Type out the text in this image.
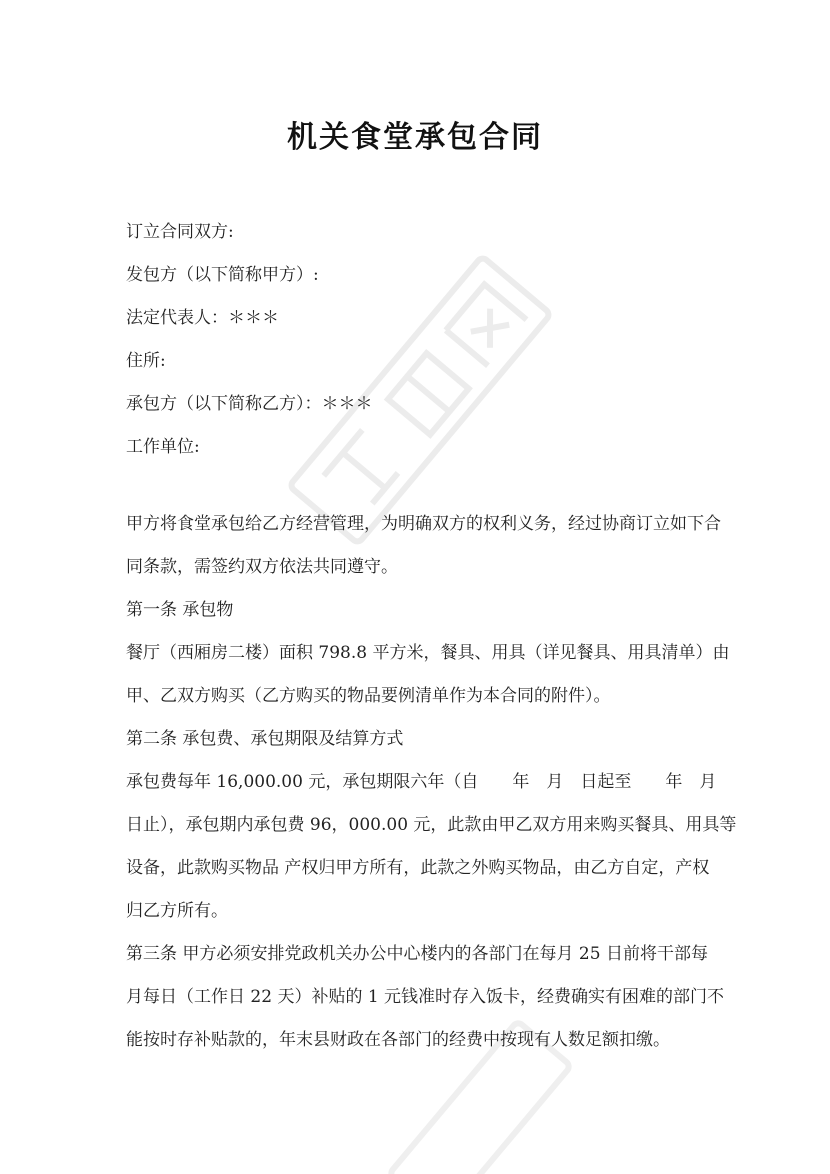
机关食堂承包合同
订立合同双方:
发包方（以下简称甲方）:
法定代表人：＊＊＊
住所:
承包方（以下简称乙方）：＊＊＊
工作单位:
甲方将食堂承包给乙方经营管理，为明确双方的权利义务，经过协商订立如下合
同条款，需签约双方依法共同遵守。
第一条 承包物
餐厅（西厢房二楼）面积 798.8 平方米，餐具、用具（详见餐具、用具清单）由
甲、乙双方购买（乙方购买的物品要例清单作为本合同的附件）。
第二条 承包费、承包期限及结算方式
承包费每年 16,000.00 元，承包期限六年（自　　年　月　日起至　　年　月
日止），承包期内承包费 96，000.00 元，此款由甲乙双方用来购买餐具、用具等
设备，此款购买物品 产权归甲方所有，此款之外购买物品，由乙方自定，产权
归乙方所有。
第三条 甲方必须安排党政机关办公中心楼内的各部门在每月 25 日前将干部每
月每日（工作日 22 天）补贴的 1 元钱准时存入饭卡，经费确实有困难的部门不
能按时存补贴款的，年末县财政在各部门的经费中按现有人数足额扣缴。
